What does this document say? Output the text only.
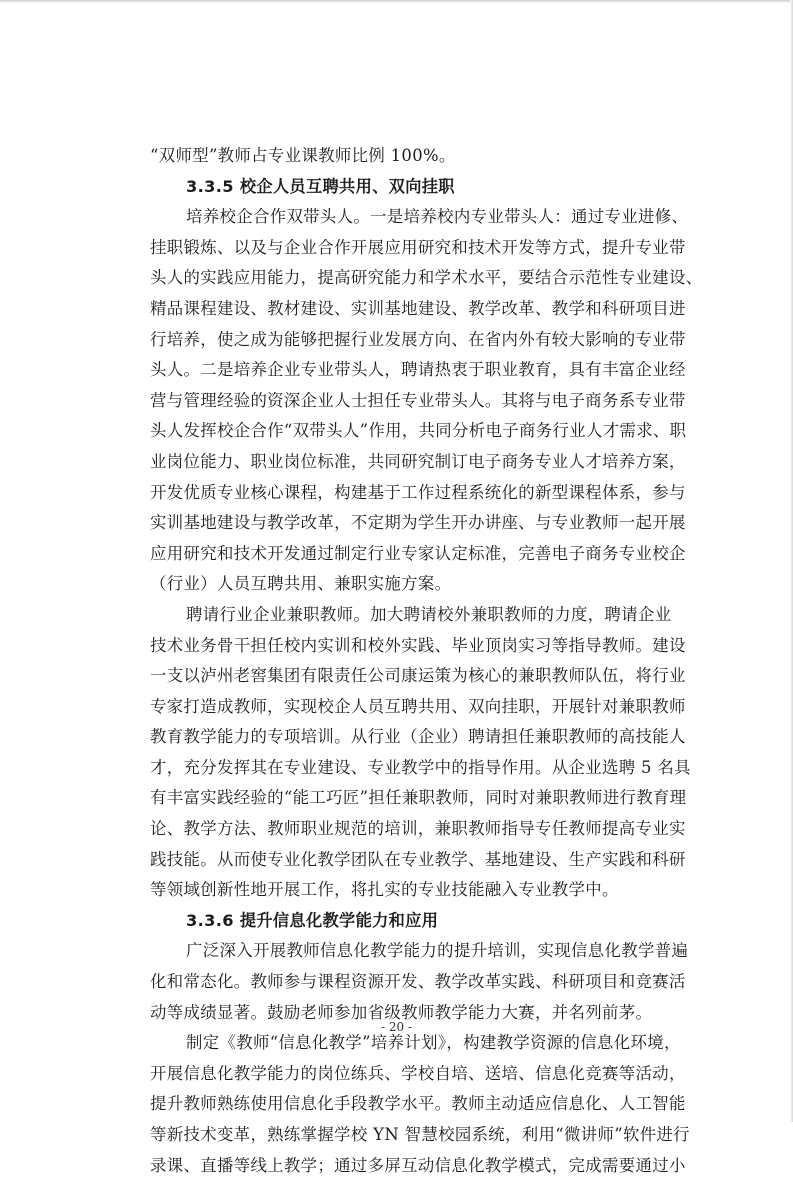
“双师型”教师占专业课教师比例 100%。
3.3.5 校企人员互聘共用、双向挂职
培养校企合作双带头人。一是培养校内专业带头人：通过专业进修、
挂职锻炼、以及与企业合作开展应用研究和技术开发等方式，提升专业带
头人的实践应用能力，提高研究能力和学术水平，要结合示范性专业建设、
精品课程建设、教材建设、实训基地建设、教学改革、教学和科研项目进
行培养，使之成为能够把握行业发展方向、在省内外有较大影响的专业带
头人。二是培养企业专业带头人，聘请热衷于职业教育，具有丰富企业经
营与管理经验的资深企业人士担任专业带头人。其将与电子商务系专业带
头人发挥校企合作“双带头人”作用，共同分析电子商务行业人才需求、职
业岗位能力、职业岗位标准，共同研究制订电子商务专业人才培养方案，
开发优质专业核心课程，构建基于工作过程系统化的新型课程体系，参与
实训基地建设与教学改革，不定期为学生开办讲座、与专业教师一起开展
应用研究和技术开发通过制定行业专家认定标准，完善电子商务专业校企
（行业）人员互聘共用、兼职实施方案。
聘请行业企业兼职教师。加大聘请校外兼职教师的力度，聘请企业
技术业务骨干担任校内实训和校外实践、毕业顶岗实习等指导教师。建设
一支以泸州老窖集团有限责任公司康运策为核心的兼职教师队伍，将行业
专家打造成教师，实现校企人员互聘共用、双向挂职，开展针对兼职教师
教育教学能力的专项培训。从行业（企业）聘请担任兼职教师的高技能人
才，充分发挥其在专业建设、专业教学中的指导作用。从企业选聘 5 名具
有丰富实践经验的“能工巧匠”担任兼职教师，同时对兼职教师进行教育理
论、教学方法、教师职业规范的培训，兼职教师指导专任教师提高专业实
践技能。从而使专业化教学团队在专业教学、基地建设、生产实践和科研
等领域创新性地开展工作，将扎实的专业技能融入专业教学中。
3.3.6 提升信息化教学能力和应用
广泛深入开展教师信息化教学能力的提升培训，实现信息化教学普遍
化和常态化。教师参与课程资源开发、教学改革实践、科研项目和竞赛活
动等成绩显著。鼓励老师参加省级教师教学能力大赛，并名列前茅。
制定《教师“信息化教学”培养计划》，构建教学资源的信息化环境，
开展信息化教学能力的岗位练兵、学校自培、送培、信息化竞赛等活动，
提升教师熟练使用信息化手段教学水平。教师主动适应信息化、人工智能
等新技术变革，熟练掌握学校 YN 智慧校园系统，利用“微讲师”软件进行
录课、直播等线上教学；通过多屏互动信息化教学模式，完成需要通过小
- 20 -
